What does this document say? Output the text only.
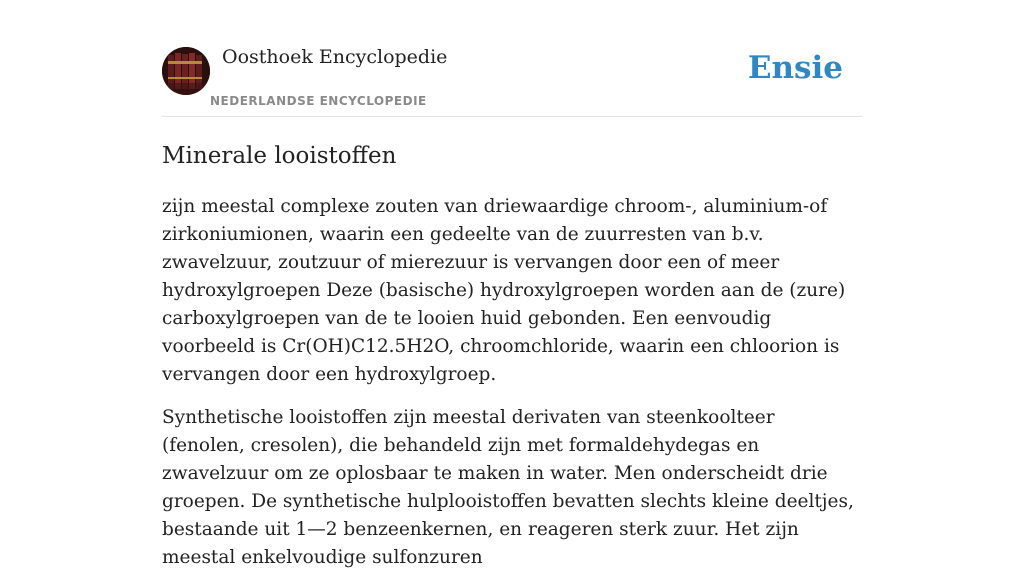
Oosthoek Encyclopedie
NEDERLANDSE ENCYCLOPEDIE
Ensie
Minerale looistoffen

zijn meestal complexe zouten van driewaardige chroom-, aluminium-of zirkoniumionen, waarin een gedeelte van de zuurresten van b.v. zwavelzuur, zoutzuur of mierezuur is vervangen door een of meer hydroxylgroepen Deze (basische) hydroxylgroepen worden aan de (zure) carboxylgroepen van de te looien huid gebonden. Een eenvoudig voorbeeld is Cr(OH)C12.5H2O, chroomchloride, waarin een chloorion is vervangen door een hydroxylgroep.

Synthetische looistoffen zijn meestal derivaten van steenkoolteer (fenolen, cresolen), die behandeld zijn met formaldehydegas en zwavelzuur om ze oplosbaar te maken in water. Men onderscheidt drie groepen. De synthetische hulplooistoffen bevatten slechts kleine deeltjes, bestaande uit 1—2 benzeenkernen, en reageren sterk zuur. Het zijn meestal enkelvoudige sulfonzuren
